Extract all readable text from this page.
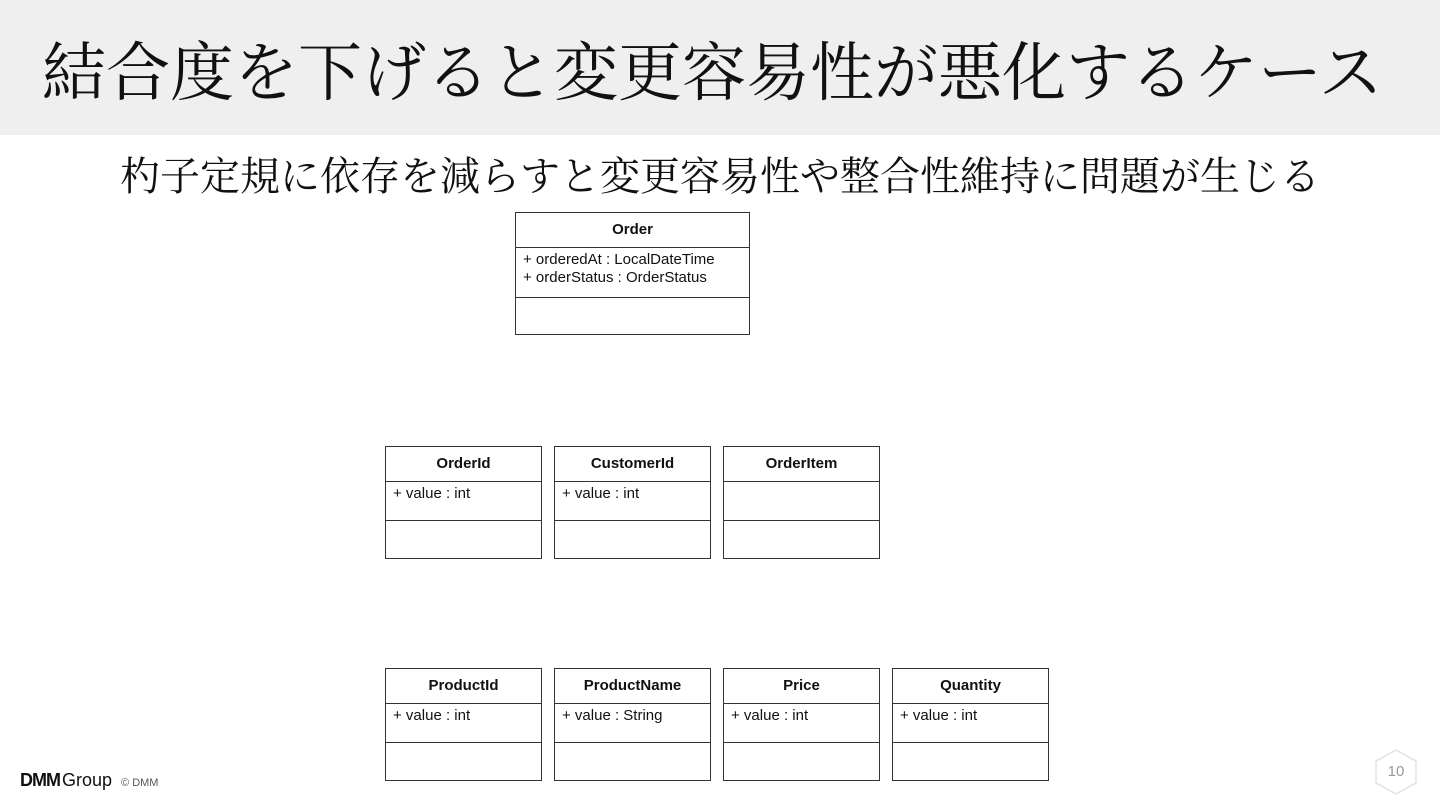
結合度を下げると変更容易性が悪化するケース
杓子定規に依存を減らすと変更容易性や整合性維持に問題が生じる
Order
+ orderedAt : LocalDateTime
+ orderStatus : OrderStatus
OrderId
+ value : int
CustomerId
+ value : int
OrderItem
ProductId
+ value : int
ProductName
+ value : String
Price
+ value : int
Quantity
+ value : int
DMM Group © DMM
10
